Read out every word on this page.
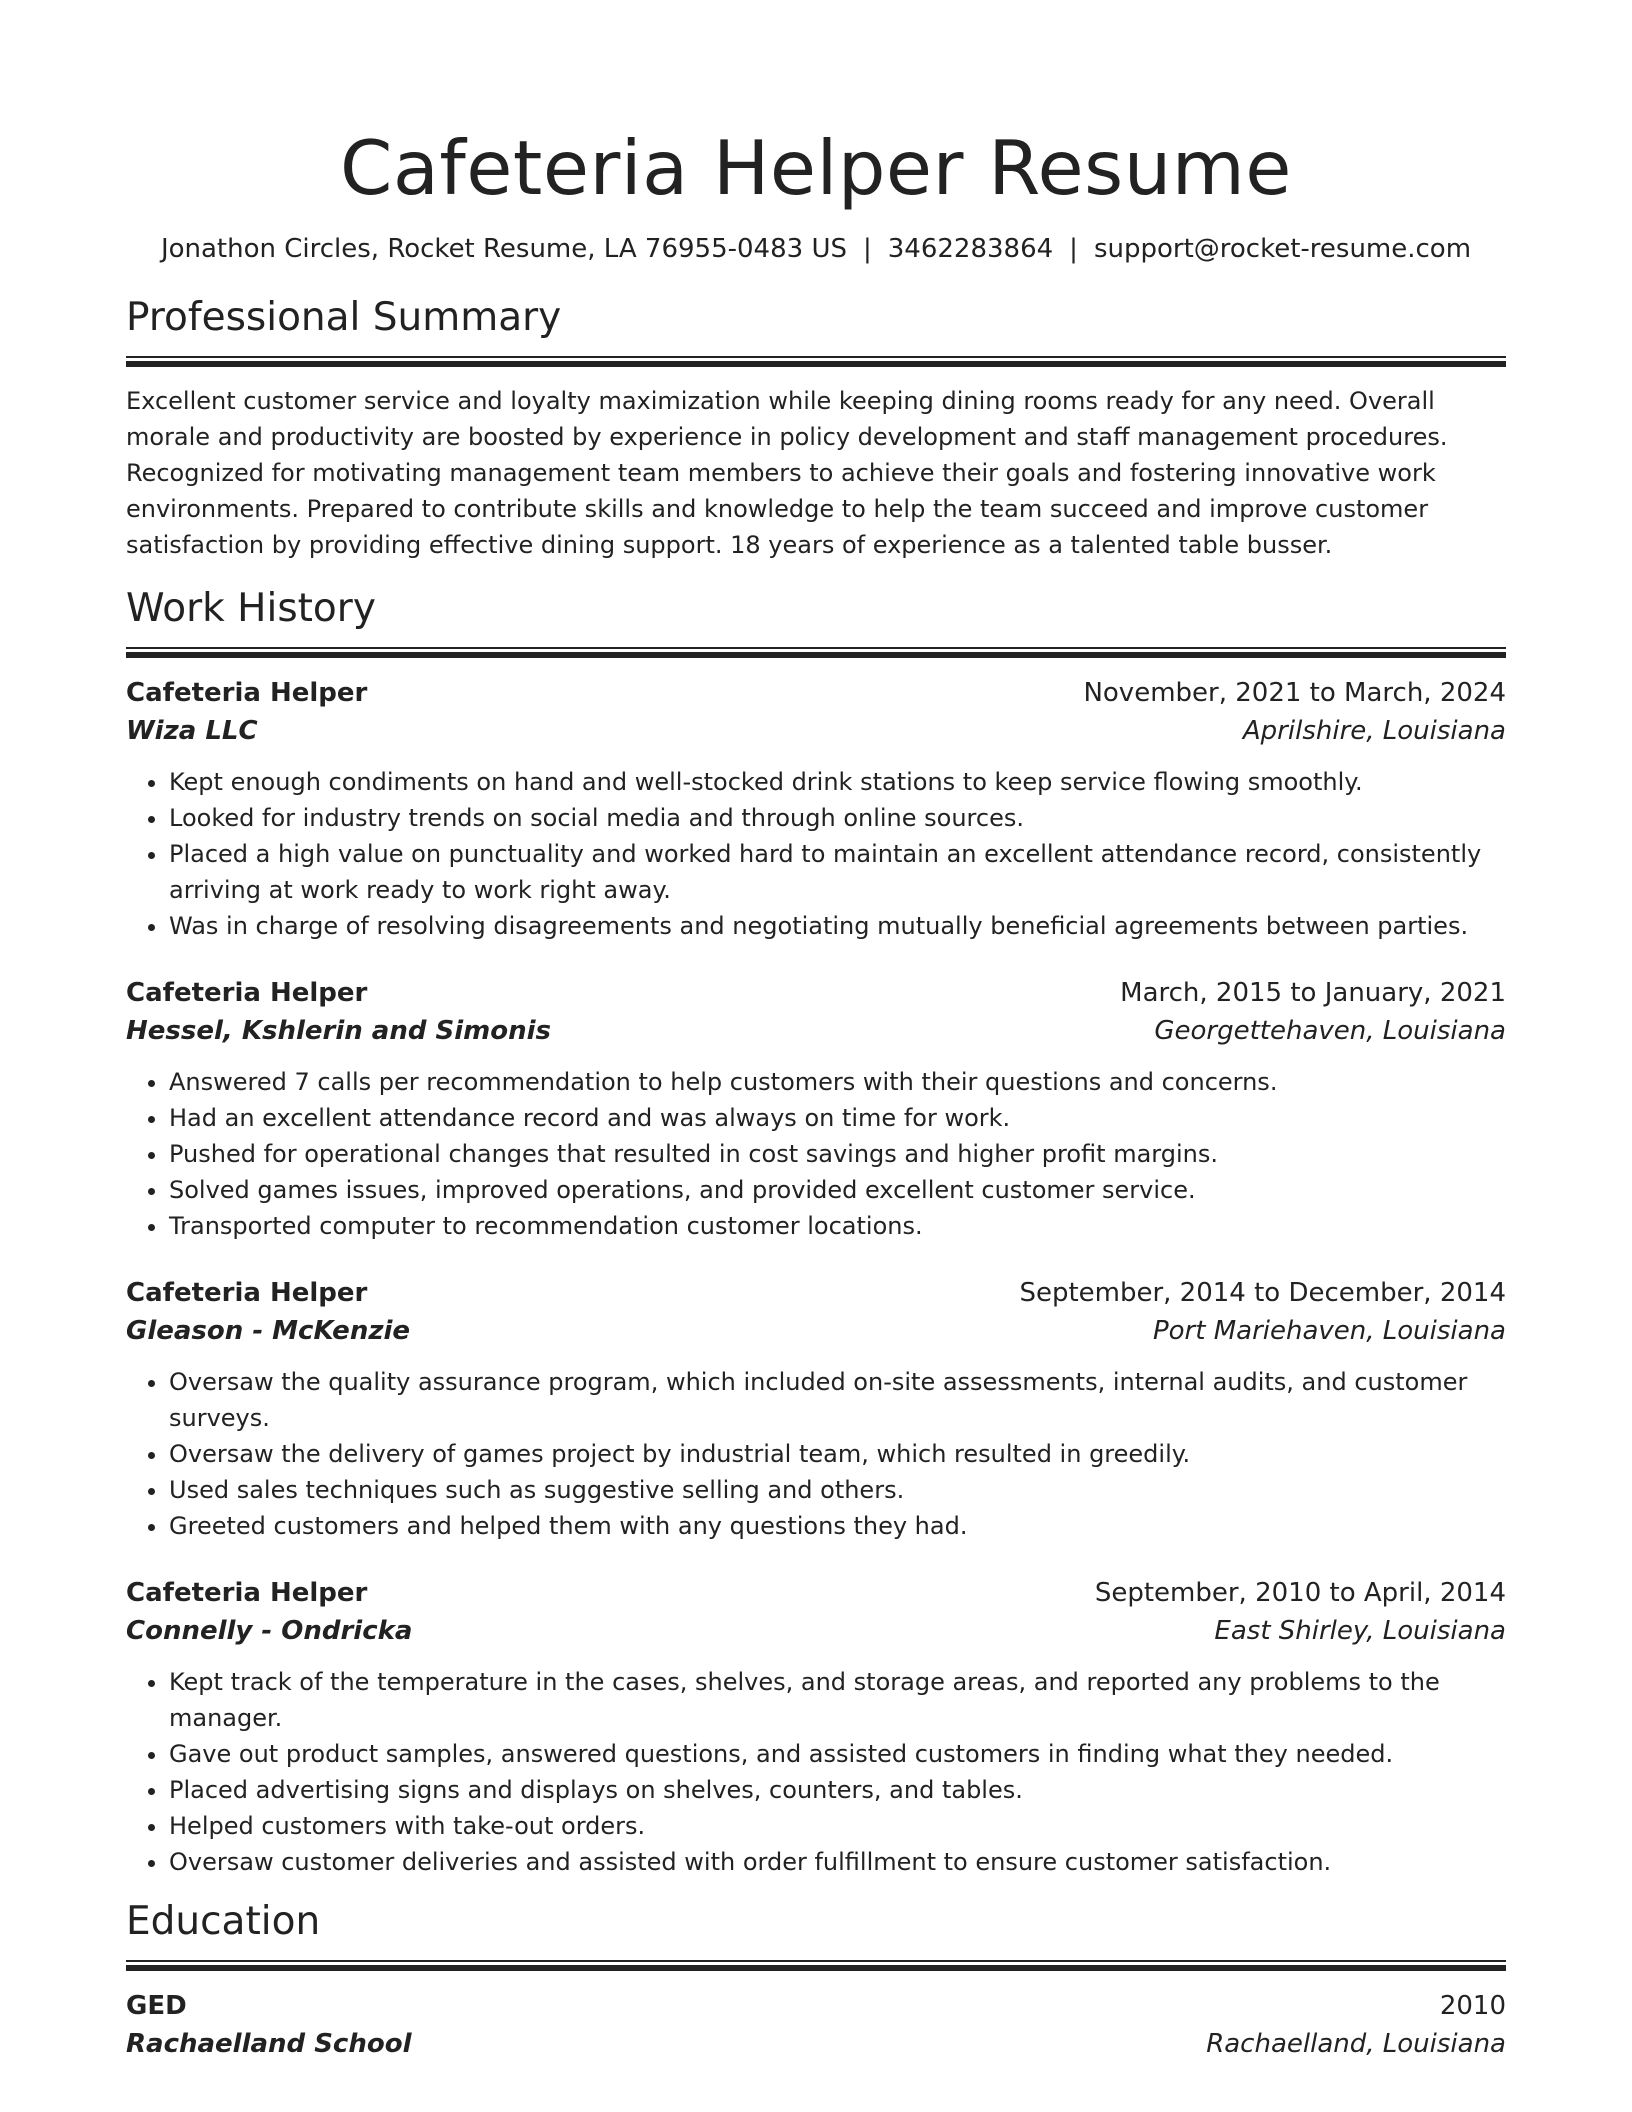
Cafeteria Helper Resume
Jonathon Circles, Rocket Resume, LA 76955-0483 US | 3462283864 | support@rocket-resume.com
Professional Summary

Excellent customer service and loyalty maximization while keeping dining rooms ready for any need. Overall morale and productivity are boosted by experience in policy development and staff management procedures. Recognized for motivating management team members to achieve their goals and fostering innovative work environments. Prepared to contribute skills and knowledge to help the team succeed and improve customer satisfaction by providing effective dining support. 18 years of experience as a talented table busser.

Work History
Cafeteria Helper	November, 2021 to March, 2024
Wiza LLC	Aprilshire, Louisiana
• Kept enough condiments on hand and well-stocked drink stations to keep service flowing smoothly.
• Looked for industry trends on social media and through online sources.
• Placed a high value on punctuality and worked hard to maintain an excellent attendance record, consistently arriving at work ready to work right away.
• Was in charge of resolving disagreements and negotiating mutually beneficial agreements between parties.
Cafeteria Helper	March, 2015 to January, 2021
Hessel, Kshlerin and Simonis	Georgettehaven, Louisiana
• Answered 7 calls per recommendation to help customers with their questions and concerns.
• Had an excellent attendance record and was always on time for work.
• Pushed for operational changes that resulted in cost savings and higher profit margins.
• Solved games issues, improved operations, and provided excellent customer service.
• Transported computer to recommendation customer locations.
Cafeteria Helper	September, 2014 to December, 2014
Gleason - McKenzie	Port Mariehaven, Louisiana
• Oversaw the quality assurance program, which included on-site assessments, internal audits, and customer surveys.
• Oversaw the delivery of games project by industrial team, which resulted in greedily.
• Used sales techniques such as suggestive selling and others.
• Greeted customers and helped them with any questions they had.
Cafeteria Helper	September, 2010 to April, 2014
Connelly - Ondricka	East Shirley, Louisiana
• Kept track of the temperature in the cases, shelves, and storage areas, and reported any problems to the manager.
• Gave out product samples, answered questions, and assisted customers in finding what they needed.
• Placed advertising signs and displays on shelves, counters, and tables.
• Helped customers with take-out orders.
• Oversaw customer deliveries and assisted with order fulfillment to ensure customer satisfaction.
Education
GED	2010
Rachaelland School	Rachaelland, Louisiana
